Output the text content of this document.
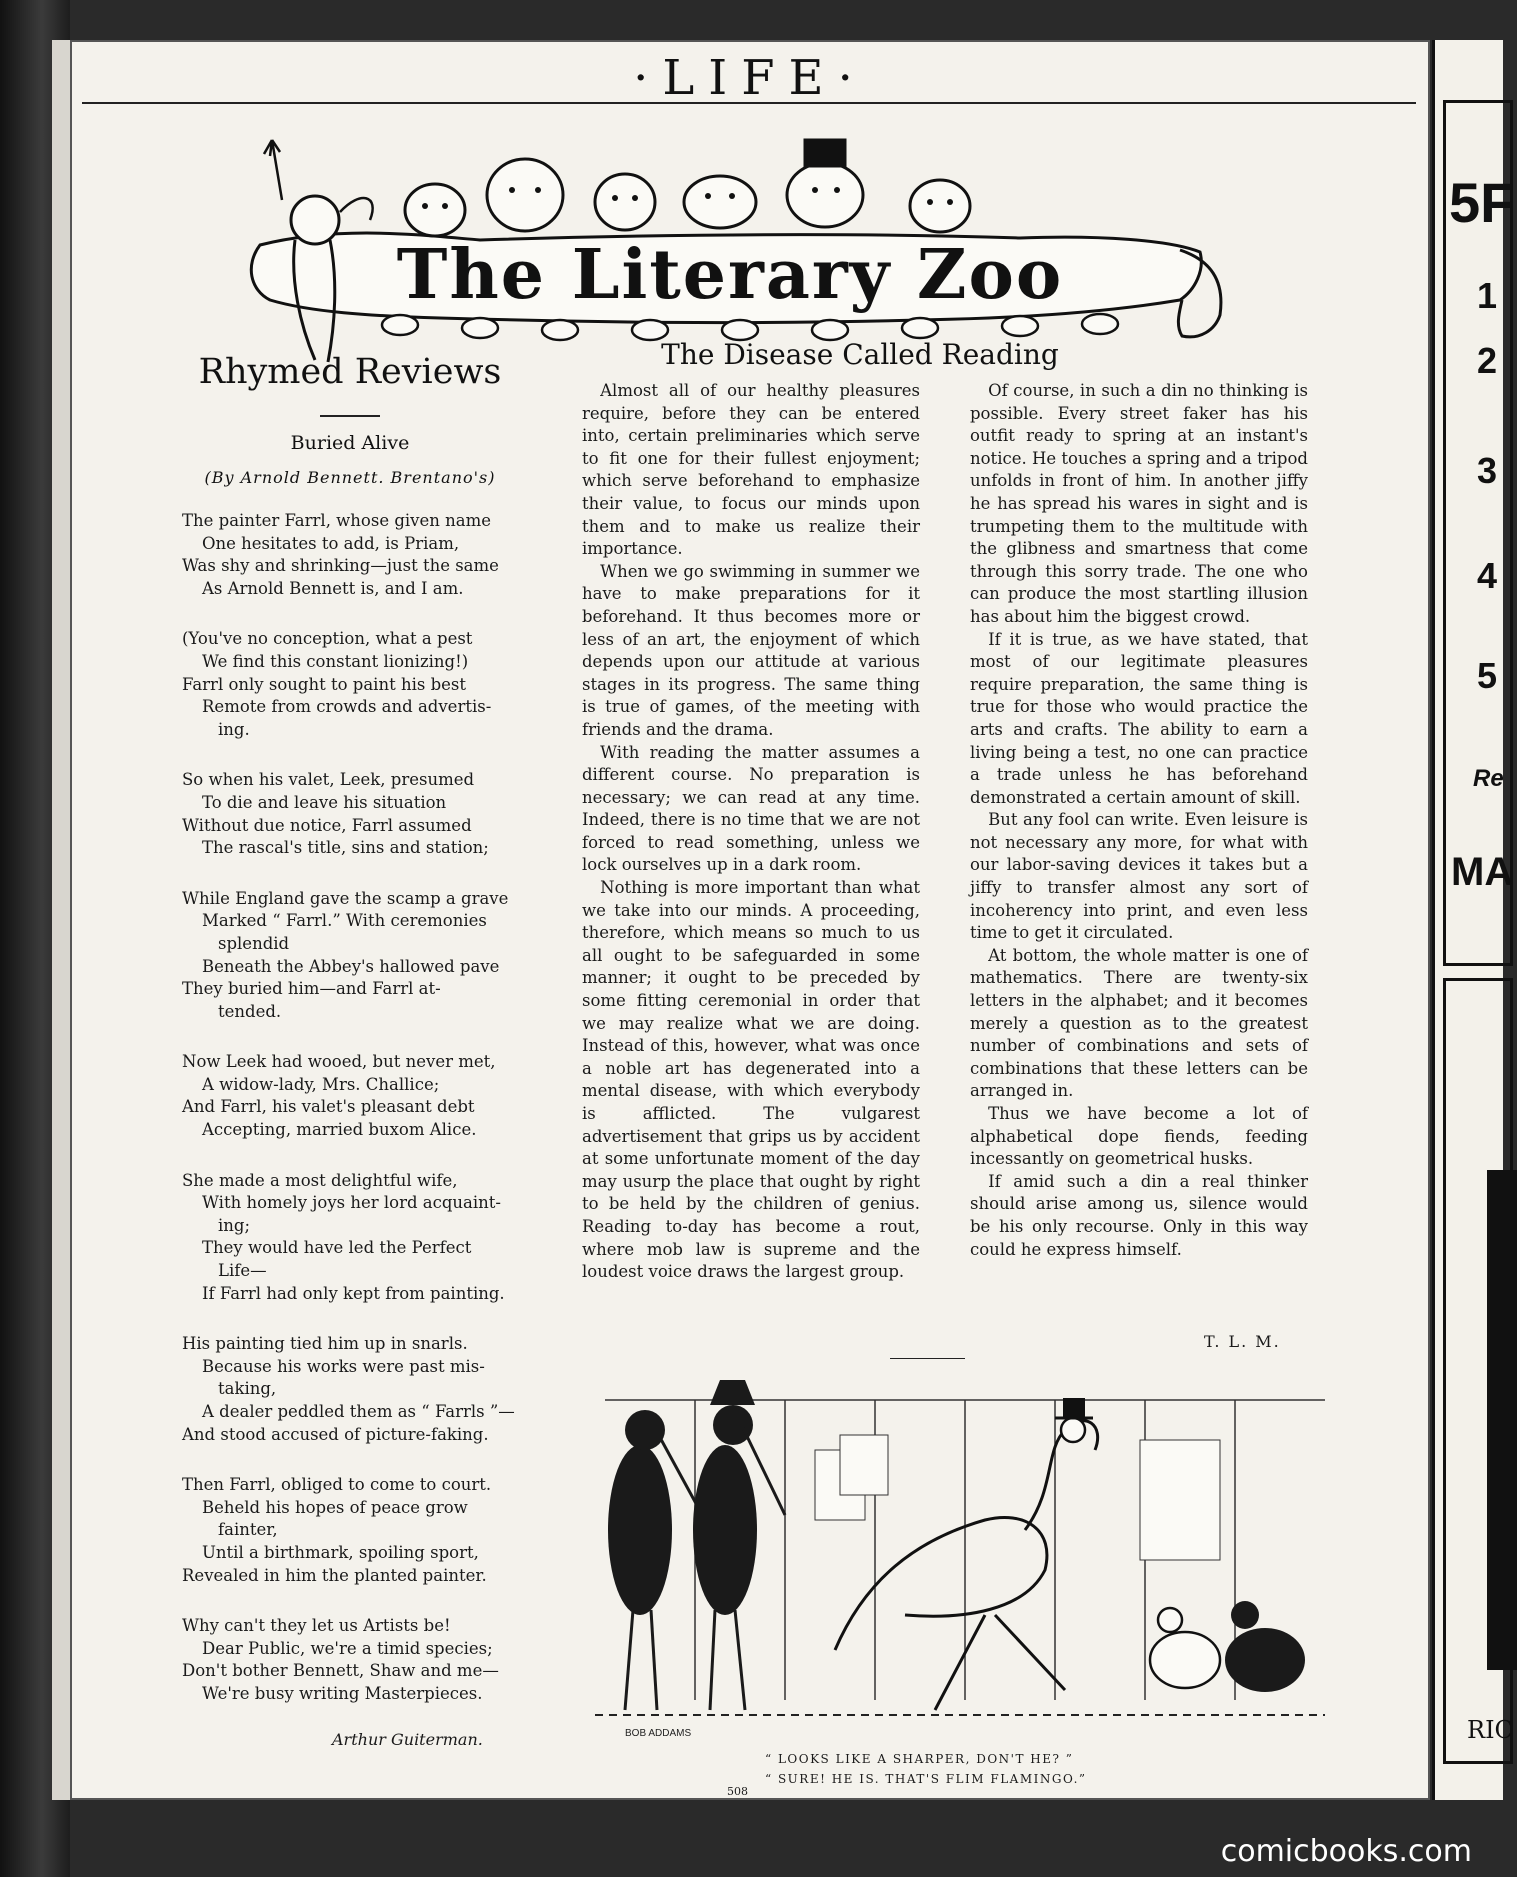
·LIFE·
The Literary Zoo
Rhymed Reviews
Buried Alive
(By Arnold Bennett. Brentano's)
The painter Farrl, whose given name
One hesitates to add, is Priam,
Was shy and shrinking—just the same
As Arnold Bennett is, and I am.
(You've no conception, what a pest
We find this constant lionizing!)
Farrl only sought to paint his best
Remote from crowds and advertis-
ing.
So when his valet, Leek, presumed
To die and leave his situation
Without due notice, Farrl assumed
The rascal's title, sins and station;
While England gave the scamp a grave
Marked “ Farrl.” With ceremonies
splendid
Beneath the Abbey's hallowed pave
They buried him—and Farrl at-
tended.
Now Leek had wooed, but never met,
A widow-lady, Mrs. Challice;
And Farrl, his valet's pleasant debt
Accepting, married buxom Alice.
She made a most delightful wife,
With homely joys her lord acquaint-
ing;
They would have led the Perfect
Life—
If Farrl had only kept from painting.
His painting tied him up in snarls.
Because his works were past mis-
taking,
A dealer peddled them as “ Farrls ”—
And stood accused of picture-faking.
Then Farrl, obliged to come to court.
Beheld his hopes of peace grow
fainter,
Until a birthmark, spoiling sport,
Revealed in him the planted painter.
Why can't they let us Artists be!
Dear Public, we're a timid species;
Don't bother Bennett, Shaw and me—
We're busy writing Masterpieces.
Arthur Guiterman.
The Disease Called Reading

Almost all of our healthy pleasures require, before they can be entered into, certain preliminaries which serve to fit one for their fullest enjoyment; which serve beforehand to emphasize their value, to focus our minds upon them and to make us realize their importance.

When we go swimming in summer we have to make preparations for it beforehand. It thus becomes more or less of an art, the enjoyment of which depends upon our attitude at various stages in its progress. The same thing is true of games, of the meeting with friends and the drama.

With reading the matter assumes a different course. No preparation is necessary; we can read at any time. Indeed, there is no time that we are not forced to read something, unless we lock ourselves up in a dark room.

Nothing is more important than what we take into our minds. A proceeding, therefore, which means so much to us all ought to be safeguarded in some manner; it ought to be preceded by some fitting ceremonial in order that we may realize what we are doing. Instead of this, however, what was once a noble art has degenerated into a mental disease, with which everybody is afflicted. The vulgarest advertisement that grips us by accident at some unfortunate moment of the day may usurp the place that ought by right to be held by the children of genius. Reading to-day has become a rout, where mob law is supreme and the loudest voice draws the largest group.

Of course, in such a din no thinking is possible. Every street faker has his outfit ready to spring at an instant's notice. He touches a spring and a tripod unfolds in front of him. In another jiffy he has spread his wares in sight and is trumpeting them to the multitude with the glibness and smartness that come through this sorry trade. The one who can produce the most startling illusion has about him the biggest crowd.

If it is true, as we have stated, that most of our legitimate pleasures require preparation, the same thing is true for those who would practice the arts and crafts. The ability to earn a living being a test, no one can practice a trade unless he has beforehand demonstrated a certain amount of skill.

But any fool can write. Even leisure is not necessary any more, for what with our labor-saving devices it takes but a jiffy to transfer almost any sort of incoherency into print, and even less time to get it circulated.

At bottom, the whole matter is one of mathematics. There are twenty-six letters in the alphabet; and it becomes merely a question as to the greatest number of combinations and sets of combinations that these letters can be arranged in.

Thus we have become a lot of alphabetical dope fiends, feeding incessantly on geometrical husks.

If amid such a din a real thinker should arise among us, silence would be his only recourse. Only in this way could he express himself.

T. L. M.
BOB ADDAMS
“ LOOKS LIKE A SHARPER, DON'T HE? ”
“ SURE! HE IS. THAT'S FLIM FLAMINGO.”
508
5F
1
2
3
4
5
Re
MA
RIC
comicbooks.com
